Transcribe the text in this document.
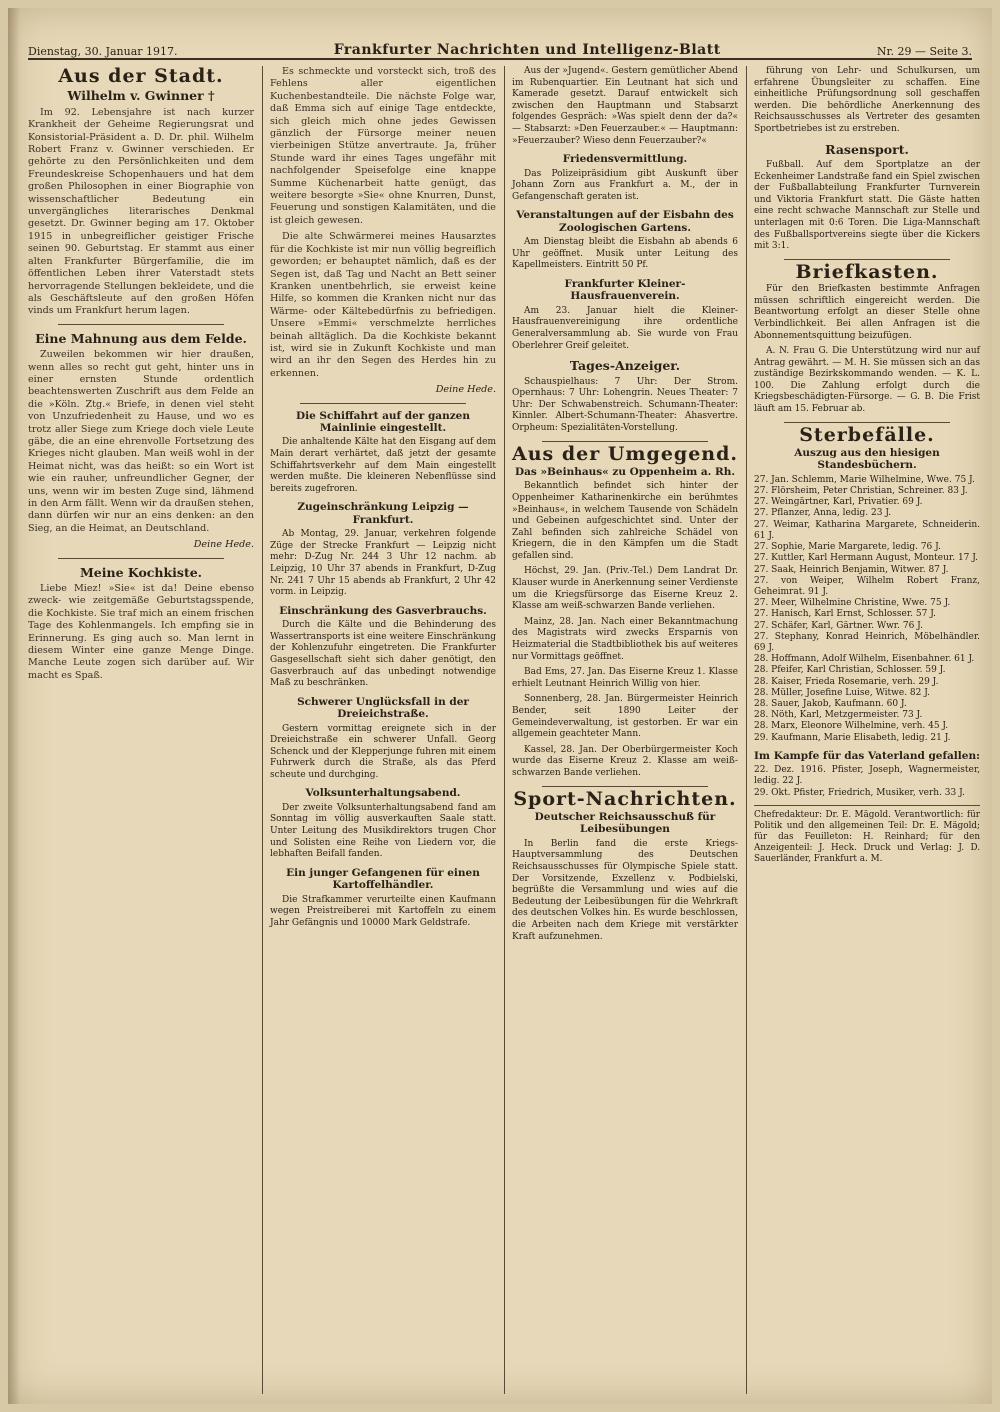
Dienstag, 30. Januar 1917.	Frankfurter Nachrichten und Intelligenz-Blatt	Nr. 29 — Seite 3.
Aus der Stadt.
Wilhelm v. Gwinner †

Im 92. Lebensjahre ist nach kurzer Krankheit der Geheime Regierungsrat und Konsistorial-Präsident a. D. Dr. phil. Wilhelm Robert Franz v. Gwinner verschieden. Er gehörte zu den Persönlichkeiten und dem Freundeskreise Schopenhauers und hat dem großen Philosophen in einer Biographie von wissenschaftlicher Bedeutung ein unvergängliches literarisches Denkmal gesetzt. Dr. Gwinner beging am 17. Oktober 1915 in unbegreiflicher geistiger Frische seinen 90. Geburtstag. Er stammt aus einer alten Frankfurter Bürgerfamilie, die im öffentlichen Leben ihrer Vaterstadt stets hervorragende Stellungen bekleidete, und die als Geschäftsleute auf den großen Höfen vinds um Frankfurt herum lagen.

Eine Mahnung aus dem Felde.

Zuweilen bekommen wir hier draußen, wenn alles so recht gut geht, hinter uns in einer ernsten Stunde ordentlich beachtenswerten Zuschrift aus dem Felde an die »Köln. Ztg.« Briefe, in denen viel steht von Unzufriedenheit zu Hause, und wo es trotz aller Siege zum Kriege doch viele Leute gäbe, die an eine ehrenvolle Fortsetzung des Krieges nicht glauben. Man weiß wohl in der Heimat nicht, was das heißt: so ein Wort ist wie ein rauher, unfreundlicher Gegner, der uns, wenn wir im besten Zuge sind, lähmend in den Arm fällt. Wenn wir da draußen stehen, dann dürfen wir nur an eins denken: an den Sieg, an die Heimat, an Deutschland.

Deine Hede.
Meine Kochkiste.

Liebe Miez! »Sie« ist da! Deine ebenso zweck- wie zeitgemäße Geburtstagsspende, die Kochkiste. Sie traf mich an einem frischen Tage des Kohlenmangels. Ich empfing sie in Erinnerung. Es ging auch so. Man lernt in diesem Winter eine ganze Menge Dinge. Manche Leute zogen sich darüber auf. Wir macht es Spaß.

Es schmeckte und vorsteckt sich, troß des Fehlens aller eigentlichen Kuchenbestandteile. Die nächste Folge war, daß Emma sich auf einige Tage entdeckte, sich gleich mich ohne jedes Gewissen gänzlich der Fürsorge meiner neuen vierbeinigen Stütze anvertraute. Ja, früher Stunde ward ihr eines Tages ungefähr mit nachfolgender Speisefolge eine knappe Summe Küchenarbeit hatte genügt, das weitere besorgte »Sie« ohne Knurren, Dunst, Feuerung und sonstigen Kalamitäten, und die ist gleich gewesen.

Die alte Schwärmerei meines Hausarztes für die Kochkiste ist mir nun völlig begreiflich geworden; er behauptet nämlich, daß es der Segen ist, daß Tag und Nacht an Bett seiner Kranken unentbehrlich, sie erweist keine Hilfe, so kommen die Kranken nicht nur das Wärme- oder Kältebedürfnis zu befriedigen. Unsere »Emmi« verschmelzte herrliches beinah alltäglich. Da die Kochkiste bekannt ist, wird sie in Zukunft Kochkiste und man wird an ihr den Segen des Herdes hin zu erkennen.

Deine Hede.
Die Schiffahrt auf der ganzen Mainlinie eingestellt.

Die anhaltende Kälte hat den Eisgang auf dem Main derart verhärtet, daß jetzt der gesamte Schiffahrtsverkehr auf dem Main eingestellt werden mußte. Die kleineren Nebenflüsse sind bereits zugefroren.

Zugeinschränkung Leipzig — Frankfurt.

Ab Montag, 29. Januar, verkehren folgende Züge der Strecke Frankfurt — Leipzig nicht mehr: D-Zug Nr. 244 3 Uhr 12 nachm. ab Leipzig, 10 Uhr 37 abends in Frankfurt, D-Zug Nr. 241 7 Uhr 15 abends ab Frankfurt, 2 Uhr 42 vorm. in Leipzig.

Einschränkung des Gasverbrauchs.

Durch die Kälte und die Behinderung des Wassertransports ist eine weitere Einschränkung der Kohlenzufuhr eingetreten. Die Frankfurter Gasgesellschaft sieht sich daher genötigt, den Gasverbrauch auf das unbedingt notwendige Maß zu beschränken.

Schwerer Unglücksfall in der Dreieichstraße.

Gestern vormittag ereignete sich in der Dreieichstraße ein schwerer Unfall. Georg Schenck und der Klepperjunge fuhren mit einem Fuhrwerk durch die Straße, als das Pferd scheute und durchging.

Volksunterhaltungsabend.

Der zweite Volksunterhaltungsabend fand am Sonntag im völlig ausverkauften Saale statt. Unter Leitung des Musikdirektors trugen Chor und Solisten eine Reihe von Liedern vor, die lebhaften Beifall fanden.

Ein junger Gefangenen für einen Kartoffelhändler.

Die Strafkammer verurteilte einen Kaufmann wegen Preistreiberei mit Kartoffeln zu einem Jahr Gefängnis und 10000 Mark Geldstrafe.

Aus der »Jugend«. Gestern gemütlicher Abend im Rubenquartier. Ein Leutnant hat sich und Kamerade gesetzt. Darauf entwickelt sich zwischen den Hauptmann und Stabsarzt folgendes Gespräch: »Was spielt denn der da?« — Stabsarzt: »Den Feuerzauber.« — Hauptmann: »Feuerzauber? Wieso denn Feuerzauber?«

Friedensvermittlung.

Das Polizeipräsidium gibt Auskunft über Johann Zorn aus Frankfurt a. M., der in Gefangenschaft geraten ist.

Veranstaltungen auf der Eisbahn des Zoologischen Gartens.

Am Dienstag bleibt die Eisbahn ab abends 6 Uhr geöffnet. Musik unter Leitung des Kapellmeisters. Eintritt 50 Pf.

Frankfurter Kleiner-Hausfrauenverein.

Am 23. Januar hielt die Kleiner-Hausfrauenvereinigung ihre ordentliche Generalversammlung ab. Sie wurde von Frau Oberlehrer Greif geleitet.

Tages-Anzeiger.

Schauspielhaus: 7 Uhr: Der Strom. Opernhaus: 7 Uhr: Lohengrin. Neues Theater: 7 Uhr: Der Schwabenstreich. Schumann-Theater: Kinnler. Albert-Schumann-Theater: Ahasvertre. Orpheum: Spezialitäten-Vorstellung.

Aus der Umgegend.
Das »Beinhaus« zu Oppenheim a. Rh.

Bekanntlich befindet sich hinter der Oppenheimer Katharinenkirche ein berühmtes »Beinhaus«, in welchem Tausende von Schädeln und Gebeinen aufgeschichtet sind. Unter der Zahl befinden sich zahlreiche Schädel von Kriegern, die in den Kämpfen um die Stadt gefallen sind.

Höchst, 29. Jan. (Priv.-Tel.) Dem Landrat Dr. Klauser wurde in Anerkennung seiner Verdienste um die Kriegsfürsorge das Eiserne Kreuz 2. Klasse am weiß-schwarzen Bande verliehen.

Mainz, 28. Jan. Nach einer Bekanntmachung des Magistrats wird zwecks Ersparnis von Heizmaterial die Stadtbibliothek bis auf weiteres nur Vormittags geöffnet.

Bad Ems, 27. Jan. Das Eiserne Kreuz 1. Klasse erhielt Leutnant Heinrich Willig von hier.

Sonnenberg, 28. Jan. Bürgermeister Heinrich Bender, seit 1890 Leiter der Gemeindeverwaltung, ist gestorben. Er war ein allgemein geachteter Mann.

Kassel, 28. Jan. Der Oberbürgermeister Koch wurde das Eiserne Kreuz 2. Klasse am weiß-schwarzen Bande verliehen.

Sport-Nachrichten.
Deutscher Reichsausschuß für Leibesübungen

In Berlin fand die erste Kriegs-Hauptversammlung des Deutschen Reichsausschusses für Olympische Spiele statt. Der Vorsitzende, Exzellenz v. Podbielski, begrüßte die Versammlung und wies auf die Bedeutung der Leibesübungen für die Wehrkraft des deutschen Volkes hin. Es wurde beschlossen, die Arbeiten nach dem Kriege mit verstärkter Kraft aufzunehmen.

führung von Lehr- und Schulkursen, um erfahrene Übungsleiter zu schaffen. Eine einheitliche Prüfungsordnung soll geschaffen werden. Die behördliche Anerkennung des Reichsausschusses als Vertreter des gesamten Sportbetriebes ist zu erstreben.

Rasensport.

Fußball. Auf dem Sportplatze an der Eckenheimer Landstraße fand ein Spiel zwischen der Fußballabteilung Frankfurter Turnverein und Viktoria Frankfurt statt. Die Gäste hatten eine recht schwache Mannschaft zur Stelle und unterlagen mit 0:6 Toren. Die Liga-Mannschaft des Fußballsportvereins siegte über die Kickers mit 3:1.

Briefkasten.

Für den Briefkasten bestimmte Anfragen müssen schriftlich eingereicht werden. Die Beantwortung erfolgt an dieser Stelle ohne Verbindlichkeit. Bei allen Anfragen ist die Abonnementsquittung beizufügen.

A. N. Frau G. Die Unterstützung wird nur auf Antrag gewährt. — M. H. Sie müssen sich an das zuständige Bezirkskommando wenden. — K. L. 100. Die Zahlung erfolgt durch die Kriegsbeschädigten-Fürsorge. — G. B. Die Frist läuft am 15. Februar ab.

Sterbefälle.
Auszug aus den hiesigen Standesbüchern.

27. Jan. Schlemm, Marie Wilhelmine, Wwe. 75 J.

27. Flörsheim, Peter Christian, Schreiner. 83 J.

27. Weingärtner, Karl, Privatier. 69 J.

27. Pflanzer, Anna, ledig. 23 J.

27. Weimar, Katharina Margarete, Schneiderin. 61 J.

27. Sophie, Marie Margarete, ledig. 76 J.

27. Kuttler, Karl Hermann August, Monteur. 17 J.

27. Saak, Heinrich Benjamin, Witwer. 87 J.

27. von Weiper, Wilhelm Robert Franz, Geheimrat. 91 J.

27. Meer, Wilhelmine Christine, Wwe. 75 J.

27. Hanisch, Karl Ernst, Schlosser. 57 J.

27. Schäfer, Karl, Gärtner. Wwr. 76 J.

27. Stephany, Konrad Heinrich, Möbelhändler. 69 J.

28. Hoffmann, Adolf Wilhelm, Eisenbahner. 61 J.

28. Pfeifer, Karl Christian, Schlosser. 59 J.

28. Kaiser, Frieda Rosemarie, verh. 29 J.

28. Müller, Josefine Luise, Witwe. 82 J.

28. Sauer, Jakob, Kaufmann. 60 J.

28. Nöth, Karl, Metzgermeister. 73 J.

28. Marx, Eleonore Wilhelmine, verh. 45 J.

29. Kaufmann, Marie Elisabeth, ledig. 21 J.

Im Kampfe für das Vaterland gefallen:

22. Dez. 1916. Pfister, Joseph, Wagnermeister, ledig. 22 J.

29. Okt. Pfister, Friedrich, Musiker, verh. 33 J.

Chefredakteur: Dr. E. Mägold. Verantwortlich: für Politik und den allgemeinen Teil: Dr. E. Mägold; für das Feuilleton: H. Reinhard; für den Anzeigenteil: J. Heck. Druck und Verlag: J. D. Sauerländer, Frankfurt a. M.
